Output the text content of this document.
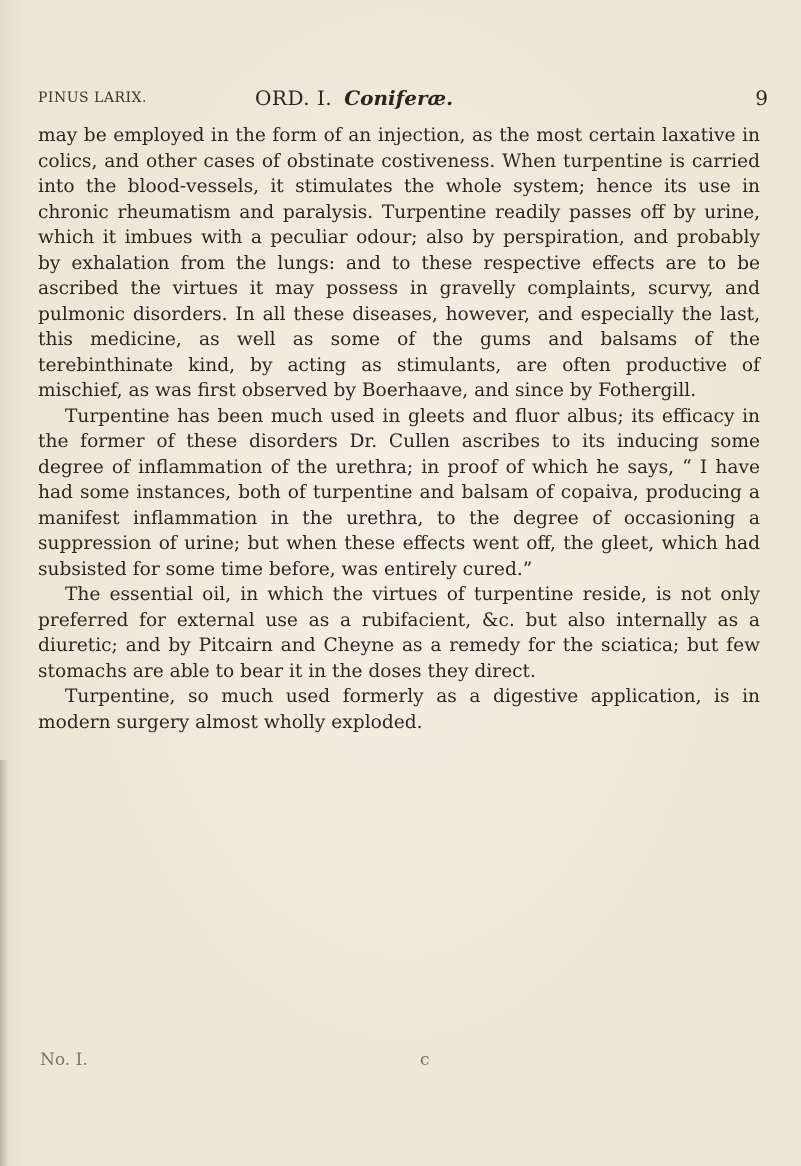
PINUS LARIX.	ORD. I. Coniferæ.	9

may be employed in the form of an injection, as the most certain laxative in colics, and other cases of obstinate costiveness. When turpentine is carried into the blood-vessels, it stimulates the whole system; hence its use in chronic rheumatism and paralysis. Turpentine readily passes off by urine, which it imbues with a peculiar odour; also by perspiration, and probably by exhalation from the lungs: and to these respective effects are to be ascribed the virtues it may possess in gravelly complaints, scurvy, and pulmonic disorders. In all these diseases, however, and especially the last, this medicine, as well as some of the gums and balsams of the terebinthinate kind, by acting as stimulants, are often productive of mischief, as was first observed by Boerhaave, and since by Fothergill.

Turpentine has been much used in gleets and fluor albus; its efficacy in the former of these disorders Dr. Cullen ascribes to its inducing some degree of inflammation of the urethra; in proof of which he says, “ I have had some instances, both of turpentine and balsam of copaiva, producing a manifest inflammation in the urethra, to the degree of occasioning a suppression of urine; but when these effects went off, the gleet, which had subsisted for some time before, was entirely cured.”

The essential oil, in which the virtues of turpentine reside, is not only preferred for external use as a rubifacient, &c. but also internally as a diuretic; and by Pitcairn and Cheyne as a remedy for the sciatica; but few stomachs are able to bear it in the doses they direct.

Turpentine, so much used formerly as a digestive application, is in modern surgery almost wholly exploded.

No. I.	c
